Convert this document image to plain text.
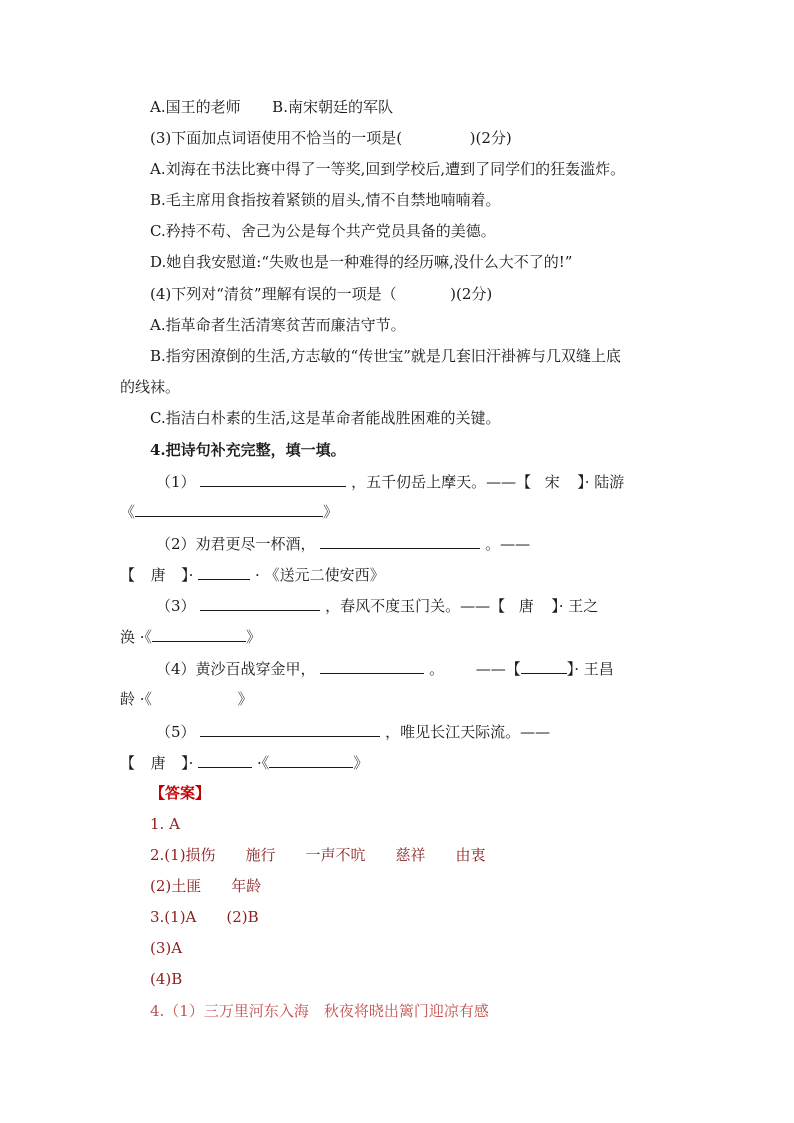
A.国王的老师 B.南宋朝廷的军队
(3)下面加点词语使用不恰当的一项是(	)(2分)
A.刘海在书法比赛中得了一等奖,回到学校后,遭到了同学们的狂轰滥炸。
B.毛主席用食指按着紧锁的眉头,情不自禁地喃喃着。
C.矜持不苟、舍己为公是每个共产党员具备的美德。
D.她自我安慰道:“失败也是一种难得的经历嘛,没什么大不了的!”
(4)下列对“清贫”理解有误的一项是（	)(2分)
A.指革命者生活清寒贫苦而廉洁守节。
B.指穷困潦倒的生活,方志敏的“传世宝”就是几套旧汗褂裤与几双缝上底
的线袜。
C.指洁白朴素的生活,这是革命者能战胜困难的关键。
4.把诗句补充完整，填一填。
（1）	，五千仞岳上摩天。——【 宋 】· 陆游
《	》
（2）劝君更尽一杯酒，	。——
【 唐 】·	· 《送元二使安西》
（3）	，春风不度玉门关。——【 唐 】· 王之
涣 ·《	》
（4）黄沙百战穿金甲，	。 ——【	】· 王昌
龄 ·《	》
（5）	，唯见长江天际流。——
【 唐 】·	·《	》
【答案】
1. A
2.(1)损伤　　施行　　一声不吭　　慈祥　　由衷
(2)土匪　　年龄
3.(1)A　　(2)B
(3)A
(4)B
4.（1）三万里河东入海　秋夜将晓出篱门迎凉有感
